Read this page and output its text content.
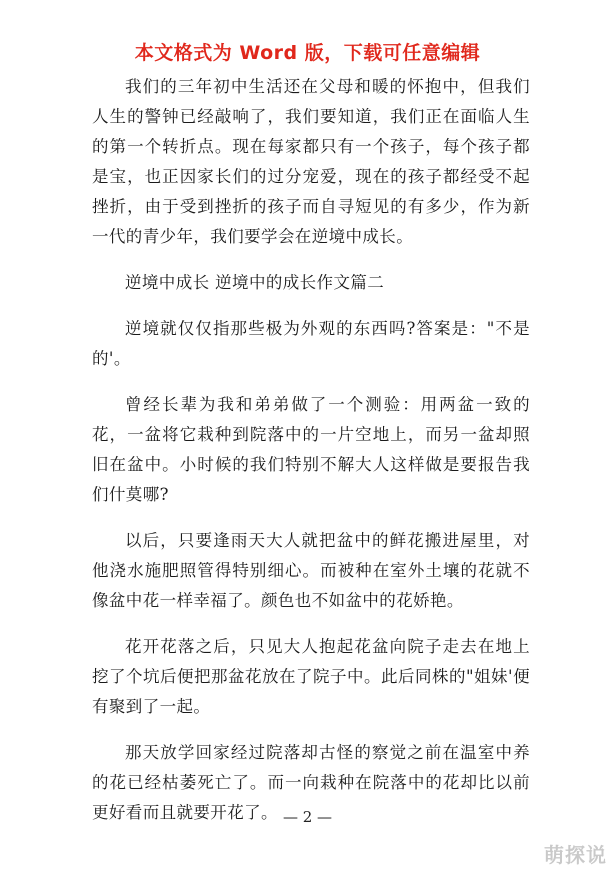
本文格式为 Word 版，下载可任意编辑

我们的三年初中生活还在父母和暖的怀抱中，但我们人生的警钟已经敲响了，我们要知道，我们正在面临人生的第一个转折点。现在每家都只有一个孩子，每个孩子都是宝，也正因家长们的过分宠爱，现在的孩子都经受不起挫折，由于受到挫折的孩子而自寻短见的有多少，作为新一代的青少年，我们要学会在逆境中成长。

逆境中成长 逆境中的成长作文篇二

逆境就仅仅指那些极为外观的东西吗?答案是："不是的'。

曾经长辈为我和弟弟做了一个测验：用两盆一致的花，一盆将它栽种到院落中的一片空地上，而另一盆却照旧在盆中。小时候的我们特别不解大人这样做是要报告我们什莫哪?

以后，只要逢雨天大人就把盆中的鲜花搬进屋里，对他浇水施肥照管得特别细心。而被种在室外土壤的花就不像盆中花一样幸福了。颜色也不如盆中的花娇艳。

花开花落之后，只见大人抱起花盆向院子走去在地上挖了个坑后便把那盆花放在了院子中。此后同株的"姐妹'便有聚到了一起。

那天放学回家经过院落却古怪的察觉之前在温室中养的花已经枯萎死亡了。而一向栽种在院落中的花却比以前更好看而且就要开花了。 — 2 —
萌探说
